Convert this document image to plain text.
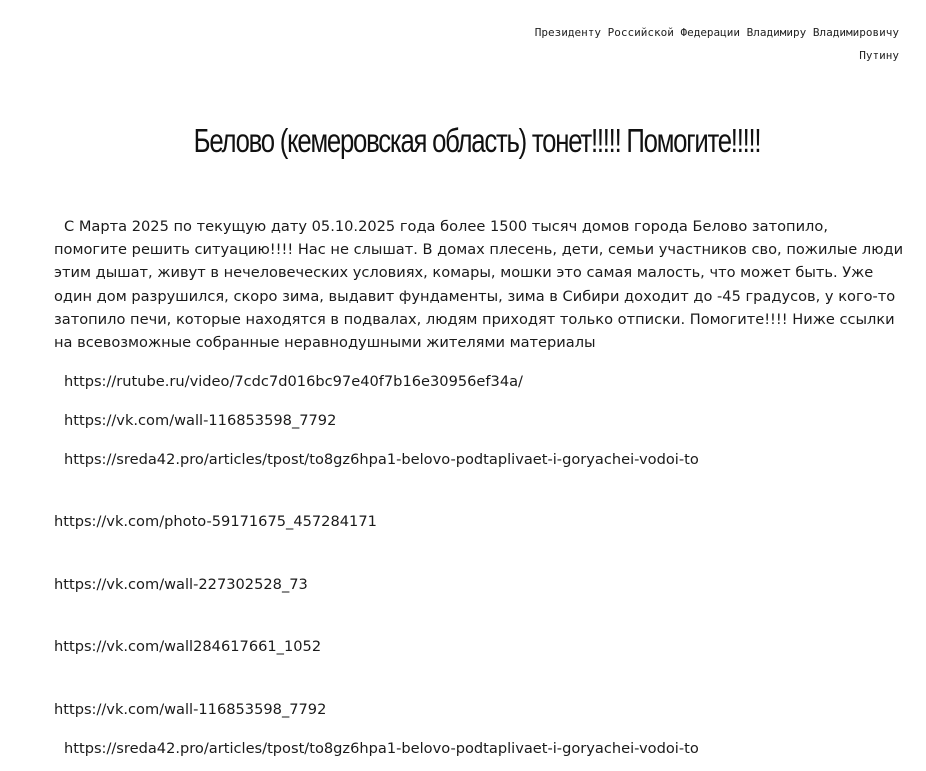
Президенту Российской Федерации Владимиру Владимировичу
Путину
Белово (кемеровская область) тонет!!!!! Помогите!!!!!

С Марта 2025 по текущую дату 05.10.2025 года более 1500 тысяч домов города Белово затопило, помогите решить ситуацию!!!! Нас не слышат. В домах плесень, дети, семьи участников сво, пожилые люди этим дышат, живут в нечеловеческих условиях, комары, мошки это самая малость, что может быть. Уже один дом разрушился, скоро зима, выдавит фундаменты, зима в Сибири доходит до -45 градусов, у кого-то затопило печи, которые находятся в подвалах, людям приходят только отписки. Помогите!!!! Ниже ссылки на всевозможные собранные неравнодушными жителями материалы

https://rutube.ru/video/7cdc7d016bc97e40f7b16e30956ef34a/
https://vk.com/wall-116853598_7792
https://sreda42.pro/articles/tpost/to8gz6hpa1-belovo-podtaplivaet-i-goryachei-vodoi-to
https://vk.com/photo-59171675_457284171
https://vk.com/wall-227302528_73
https://vk.com/wall284617661_1052
https://vk.com/wall-116853598_7792
https://sreda42.pro/articles/tpost/to8gz6hpa1-belovo-podtaplivaet-i-goryachei-vodoi-to
